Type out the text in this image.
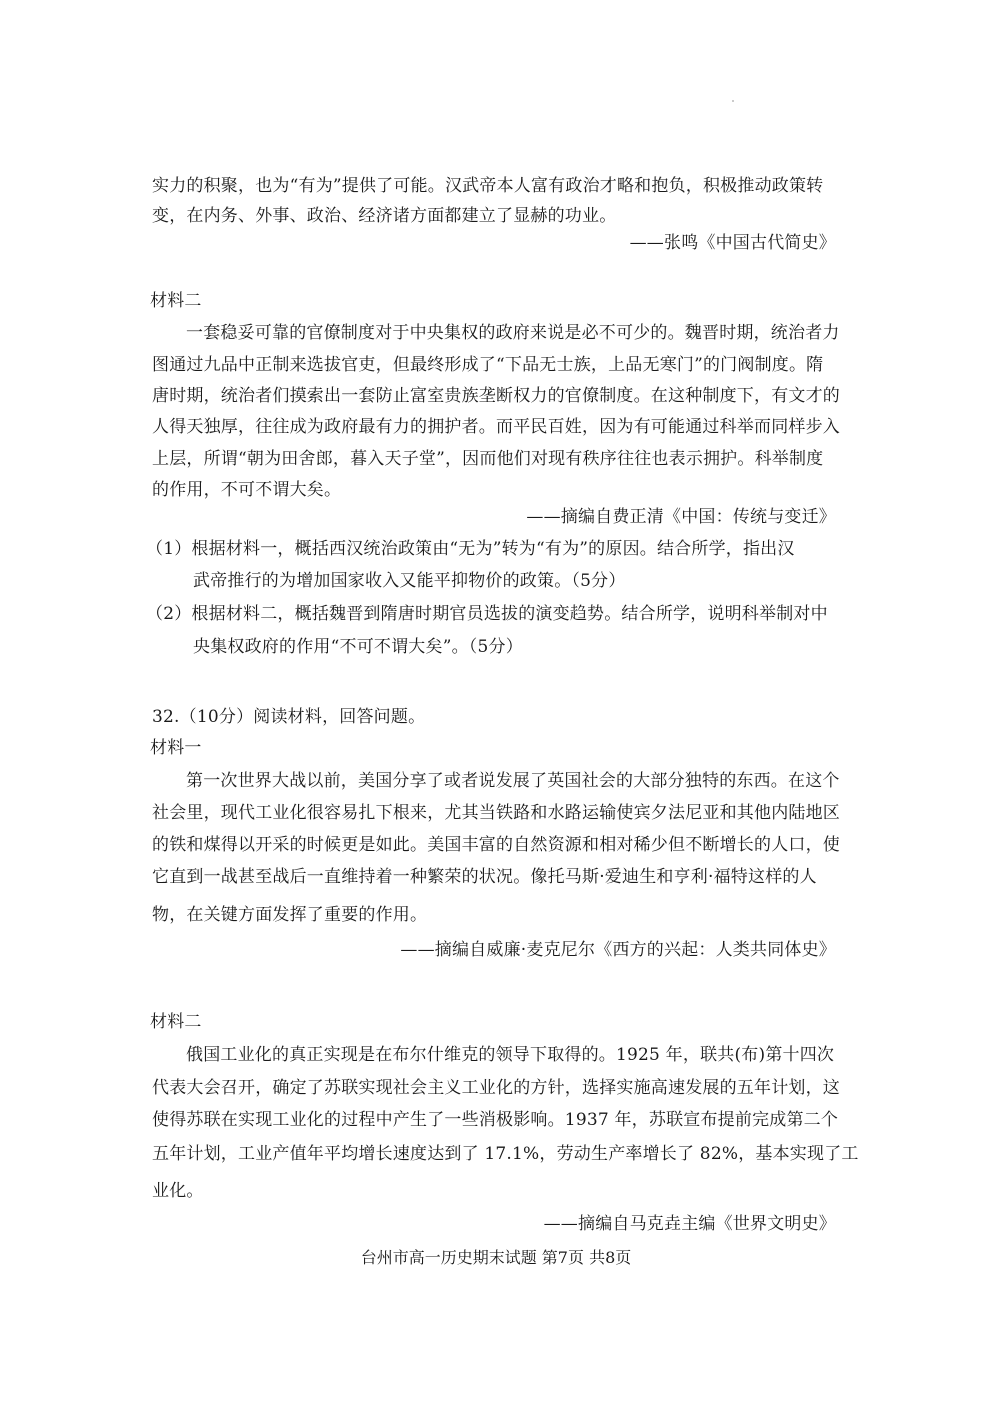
实力的积聚，也为“有为”提供了可能。汉武帝本人富有政治才略和抱负，积极推动政策转
变，在内务、外事、政治、经济诸方面都建立了显赫的功业。
——张鸣《中国古代简史》
材料二
一套稳妥可靠的官僚制度对于中央集权的政府来说是必不可少的。魏晋时期，统治者力
图通过九品中正制来选拔官吏，但最终形成了“下品无士族，上品无寒门”的门阀制度。隋
唐时期，统治者们摸索出一套防止富室贵族垄断权力的官僚制度。在这种制度下，有文才的
人得天独厚，往往成为政府最有力的拥护者。而平民百姓，因为有可能通过科举而同样步入
上层，所谓“朝为田舍郎，暮入天子堂”，因而他们对现有秩序往往也表示拥护。科举制度
的作用，不可不谓大矣。
——摘编自费正清《中国：传统与变迁》
（1）根据材料一，概括西汉统治政策由“无为”转为“有为”的原因。结合所学，指出汉
武帝推行的为增加国家收入又能平抑物价的政策。（5分）
（2）根据材料二，概括魏晋到隋唐时期官员选拔的演变趋势。结合所学，说明科举制对中
央集权政府的作用“不可不谓大矣”。（5分）
32.（10分）阅读材料，回答问题。
材料一
第一次世界大战以前，美国分享了或者说发展了英国社会的大部分独特的东西。在这个
社会里，现代工业化很容易扎下根来，尤其当铁路和水路运输使宾夕法尼亚和其他内陆地区
的铁和煤得以开采的时候更是如此。美国丰富的自然资源和相对稀少但不断增长的人口，使
它直到一战甚至战后一直维持着一种繁荣的状况。像托马斯·爱迪生和亨利·福特这样的人
物，在关键方面发挥了重要的作用。
——摘编自威廉·麦克尼尔《西方的兴起：人类共同体史》
材料二
俄国工业化的真正实现是在布尔什维克的领导下取得的。1925 年，联共(布)第十四次
代表大会召开，确定了苏联实现社会主义工业化的方针，选择实施高速发展的五年计划，这
使得苏联在实现工业化的过程中产生了一些消极影响。1937 年，苏联宣布提前完成第二个
五年计划，工业产值年平均增长速度达到了 17.1%，劳动生产率增长了 82%，基本实现了工
业化。
——摘编自马克垚主编《世界文明史》
台州市高一历史期末试题 第7页 共8页
